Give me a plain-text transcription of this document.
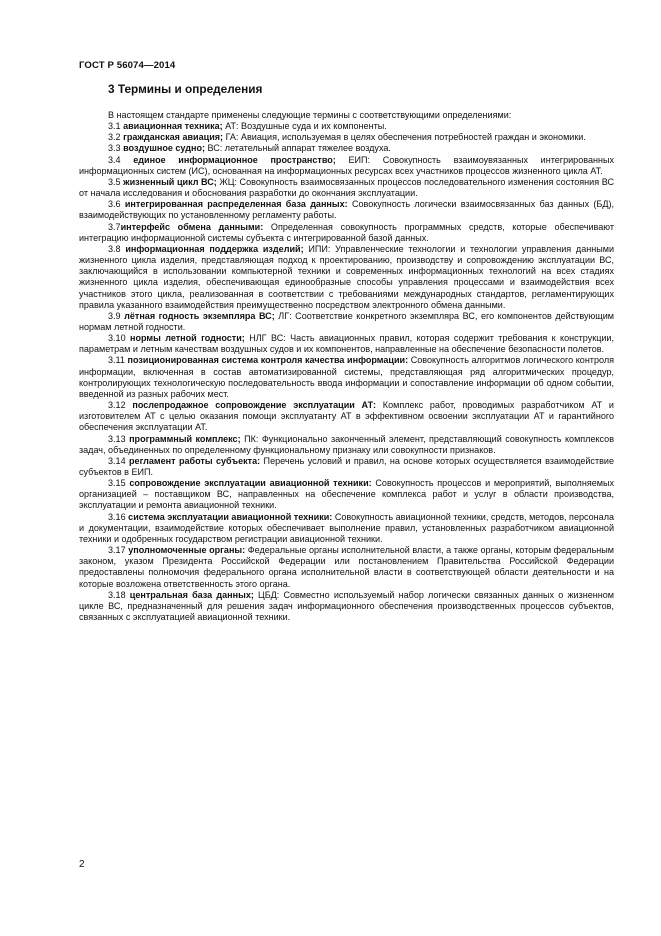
ГОСТ Р 56074—2014
3 Термины и определения

В настоящем стандарте применены следующие термины с соответствующими определениями:

3.1 авиационная техника; АТ: Воздушные суда и их компоненты.

3.2 гражданская авиация; ГА: Авиация, используемая в целях обеспечения потребностей граждан и экономики.

3.3 воздушное судно; ВС: летательный аппарат тяжелее воздуха.

3.4 единое информационное пространство; ЕИП: Совокупность взаимоувязанных интегрированных информационных систем (ИС), основанная на информационных ресурсах всех участников процессов жизненного цикла АТ.

3.5 жизненный цикл ВС; ЖЦ: Совокупность взаимосвязанных процессов последовательного изменения состояния ВС от начала исследования и обоснования разработки до окончания эксплуатации.

3.6 интегрированная распределенная база данных: Совокупность логически взаимосвязанных баз данных (БД), взаимодействующих по установленному регламенту работы.

3.7интерфейс обмена данными: Определенная совокупность программных средств, которые обеспечивают интеграцию информационной системы субъекта с интегрированной базой данных.

3.8 информационная поддержка изделий; ИПИ: Управленческие технологии и технологии управления данными жизненного цикла изделия, представляющая подход к проектированию, производству и сопровождению эксплуатации ВС, заключающийся в использовании компьютерной техники и современных информационных технологий на всех стадиях жизненного цикла изделия, обеспечивающая единообразные способы управления процессами и взаимодействия всех участников этого цикла, реализованная в соответствии с требованиями международных стандартов, регламентирующих правила указанного взаимодействия преимущественно посредством электронного обмена данными.

3.9 лётная годность экземпляра ВС; ЛГ: Соответствие конкретного экземпляра ВС, его компонентов действующим нормам летной годности.

3.10 нормы летной годности; НЛГ ВС: Часть авиационных правил, которая содержит требования к конструкции, параметрам и летным качествам воздушных судов и их компонентов, направленные на обеспечение безопасности полетов.

3.11 позиционированная система контроля качества информации: Совокупность алгоритмов логического контроля информации, включенная в состав автоматизированной системы, представляющая ряд алгоритмических процедур, контролирующих технологическую последовательность ввода информации и сопоставление информации об одном событии, введенной из разных рабочих мест.

3.12 послепродажное сопровождение эксплуатации АТ: Комплекс работ, проводимых разработчиком АТ и изготовителем АТ с целью оказания помощи эксплуатанту АТ в эффективном освоении эксплуатации АТ и гарантийного обеспечения эксплуатации АТ.

3.13 программный комплекс; ПК: Функционально законченный элемент, представляющий совокупность комплексов задач, объединенных по определенному функциональному признаку или совокупности признаков.

3.14 регламент работы субъекта: Перечень условий и правил, на основе которых осуществляется взаимодействие субъектов в ЕИП.

3.15 сопровождение эксплуатации авиационной техники: Совокупность процессов и мероприятий, выполняемых организацией – поставщиком ВС, направленных на обеспечение комплекса работ и услуг в области производства, эксплуатации и ремонта авиационной техники.

3.16 система эксплуатации авиационной техники: Совокупность авиационной техники, средств, методов, персонала и документации, взаимодействие которых обеспечивает выполнение правил, установленных разработчиком авиационной техники и одобренных государством регистрации авиационной техники.

3.17 уполномоченные органы: Федеральные органы исполнительной власти, а также органы, которым федеральным законом, указом Президента Российской Федерации или постановлением Правительства Российской Федерации предоставлены полномочия федерального органа исполнительной власти в соответствующей области деятельности и на которые возложена ответственность этого органа.

3.18 центральная база данных; ЦБД: Совместно используемый набор логически связанных данных о жизненном цикле ВС, предназначенный для решения задач информационного обеспечения производственных процессов субъектов, связанных с эксплуатацией авиационной техники.

2
